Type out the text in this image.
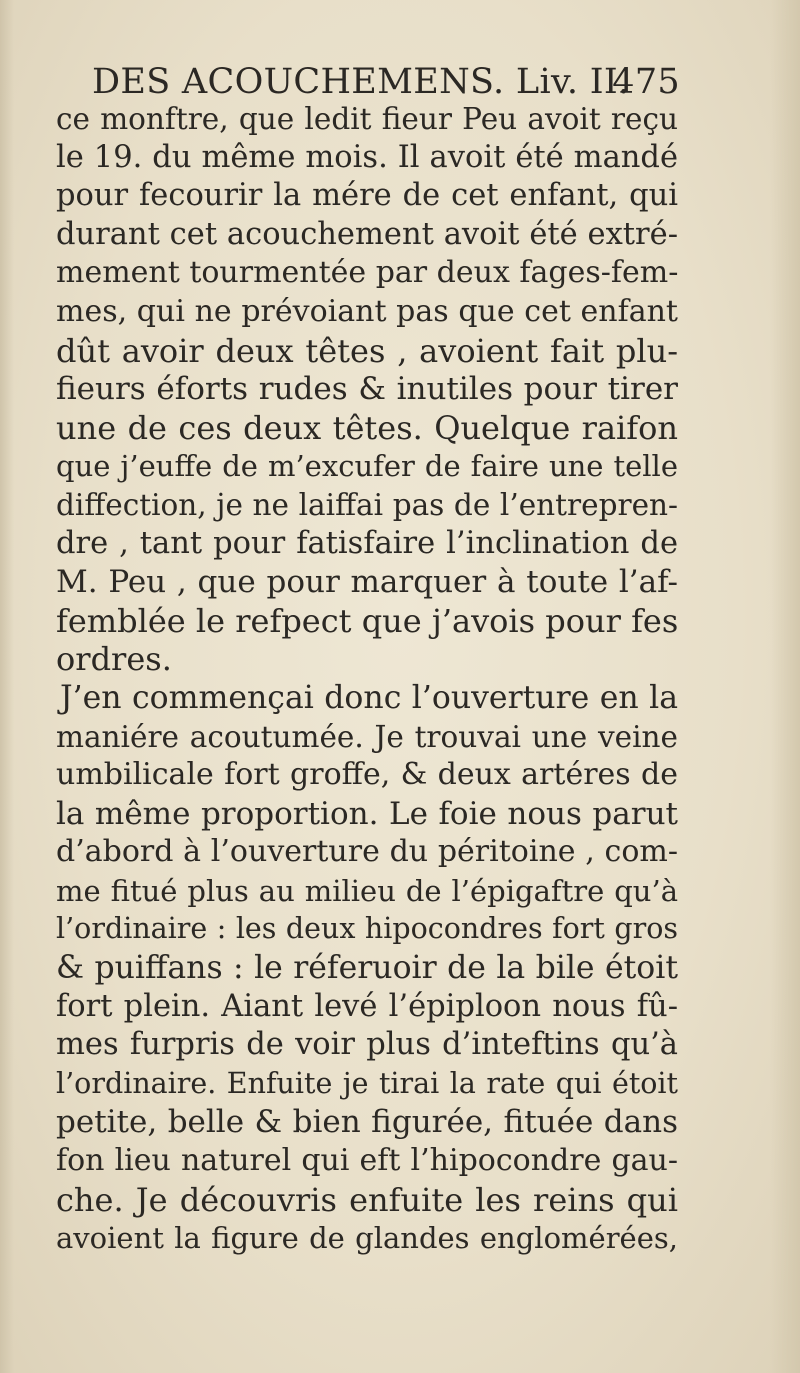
DES ACOUCHEMENS. Liv. II.
475
ce monftre, que ledit fieur Peu avoit reçu
le 19. du même mois. Il avoit été mandé
pour fecourir la mére de cet enfant, qui
durant cet acouchement avoit été extré-
mement tourmentée par deux fages-fem-
mes, qui ne prévoiant pas que cet enfant
dût avoir deux têtes , avoient fait plu-
fieurs éforts rudes & inutiles pour tirer
une de ces deux têtes. Quelque raifon
que j’euffe de m’excufer de faire une telle
diffection, je ne laiffai pas de l’entrepren-
dre , tant pour fatisfaire l’inclination de
M. Peu , que pour marquer à toute l’af-
femblée le refpect que j’avois pour fes
ordres.
J’en commençai donc l’ouverture en la
maniére acoutumée. Je trouvai une veine
umbilicale fort groffe, & deux artéres de
la même proportion. Le foie nous parut
d’abord à l’ouverture du péritoine , com-
me fitué plus au milieu de l’épigaftre qu’à
l’ordinaire : les deux hipocondres fort gros
& puiffans : le réferuoir de la bile étoit
fort plein. Aiant levé l’épiploon nous fû-
mes furpris de voir plus d’inteftins qu’à
l’ordinaire. Enfuite je tirai la rate qui étoit
petite, belle & bien figurée, fituée dans
fon lieu naturel qui eft l’hipocondre gau-
che. Je découvris enfuite les reins qui
avoient la figure de glandes englomérées,
